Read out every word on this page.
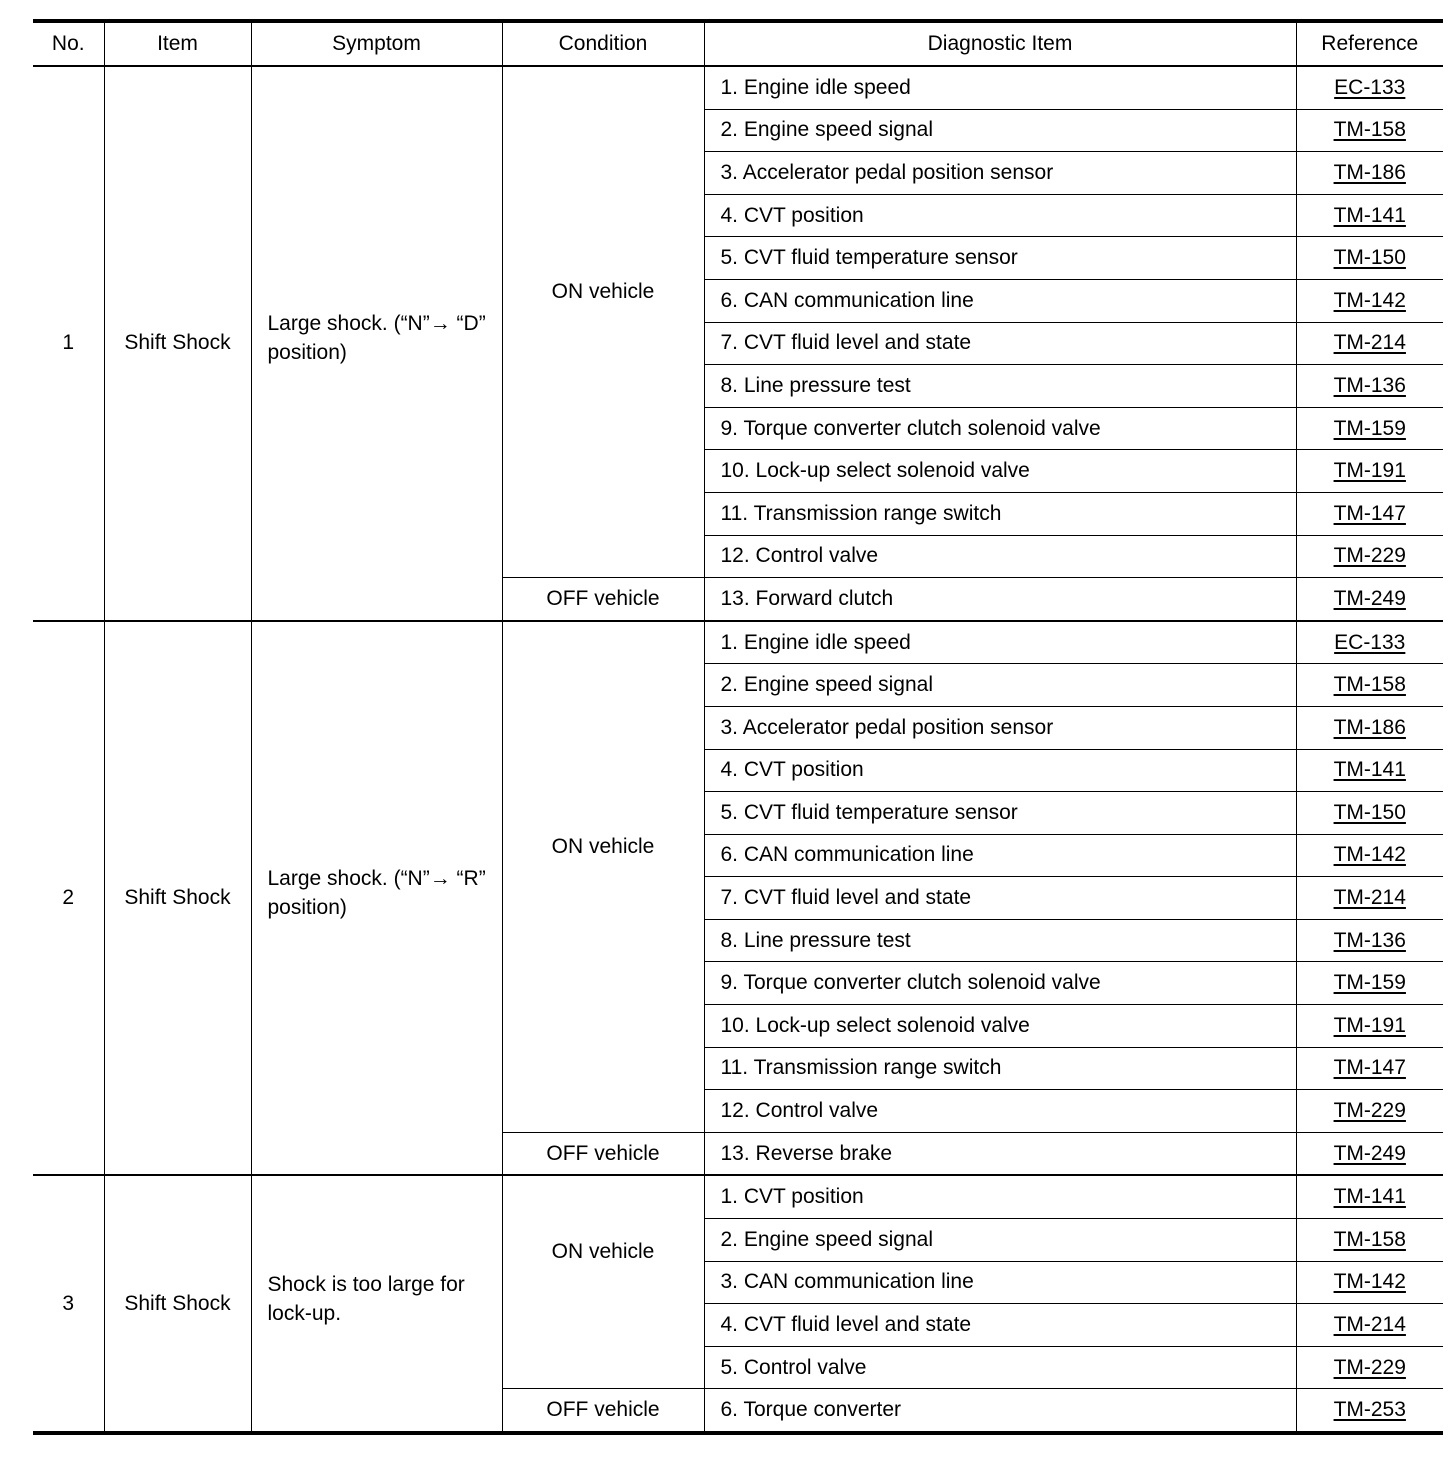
No.	Item	Symptom	Condition	Diagnostic Item	Reference
1	Shift Shock	Large shock. (“N”→ “D” position)	ON vehicle	1. Engine idle speed	EC-133
				2. Engine speed signal	TM-158
				3. Accelerator pedal position sensor	TM-186
				4. CVT position	TM-141
				5. CVT fluid temperature sensor	TM-150
				6. CAN communication line	TM-142
				7. CVT fluid level and state	TM-214
				8. Line pressure test	TM-136
				9. Torque converter clutch solenoid valve	TM-159
				10. Lock-up select solenoid valve	TM-191
				11. Transmission range switch	TM-147
				12. Control valve	TM-229
			OFF vehicle	13. Forward clutch	TM-249
2	Shift Shock	Large shock. (“N”→ “R” position)	ON vehicle	1. Engine idle speed	EC-133
				2. Engine speed signal	TM-158
				3. Accelerator pedal position sensor	TM-186
				4. CVT position	TM-141
				5. CVT fluid temperature sensor	TM-150
				6. CAN communication line	TM-142
				7. CVT fluid level and state	TM-214
				8. Line pressure test	TM-136
				9. Torque converter clutch solenoid valve	TM-159
				10. Lock-up select solenoid valve	TM-191
				11. Transmission range switch	TM-147
				12. Control valve	TM-229
			OFF vehicle	13. Reverse brake	TM-249
3	Shift Shock	Shock is too large for lock-up.	ON vehicle	1. CVT position	TM-141
				2. Engine speed signal	TM-158
				3. CAN communication line	TM-142
				4. CVT fluid level and state	TM-214
				5. Control valve	TM-229
			OFF vehicle	6. Torque converter	TM-253
